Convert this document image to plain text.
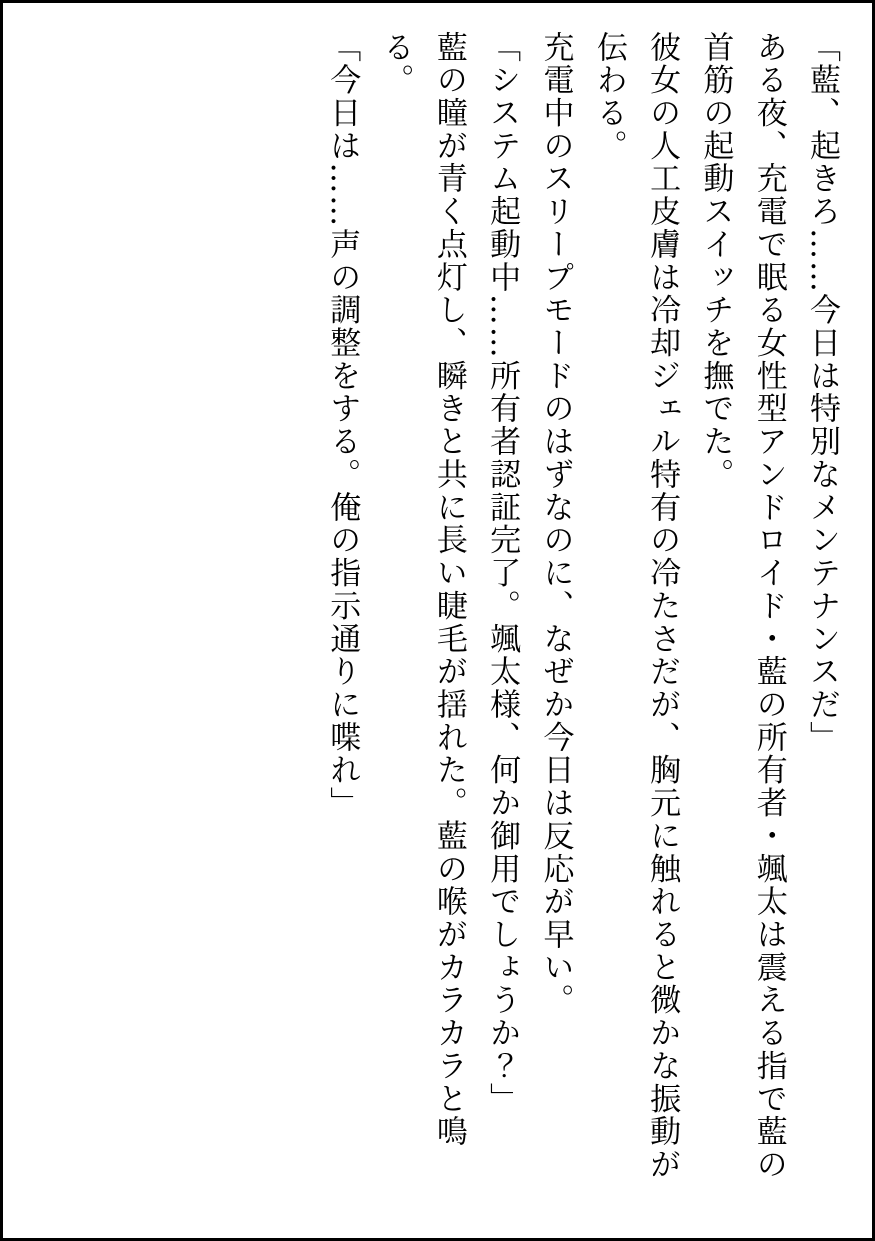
「藍、起きろ……今日は特別なメンテナンスだ」

ある夜、充電で眠る女性型アンドロイド・藍の所有者・颯太は震える指で藍の首筋の起動スイッチを撫でた。

彼女の人工皮膚は冷却ジェル特有の冷たさだが、胸元に触れると微かな振動が伝わる。

充電中のスリープモードのはずなのに、なぜか今日は反応が早い。

「システム起動中……所有者認証完了。颯太様、何か御用でしょうか？」

藍の瞳が青く点灯し、瞬きと共に長い睫毛が揺れた。藍の喉がカラカラと鳴る。

「今日は……声の調整をする。俺の指示通りに喋れ」
